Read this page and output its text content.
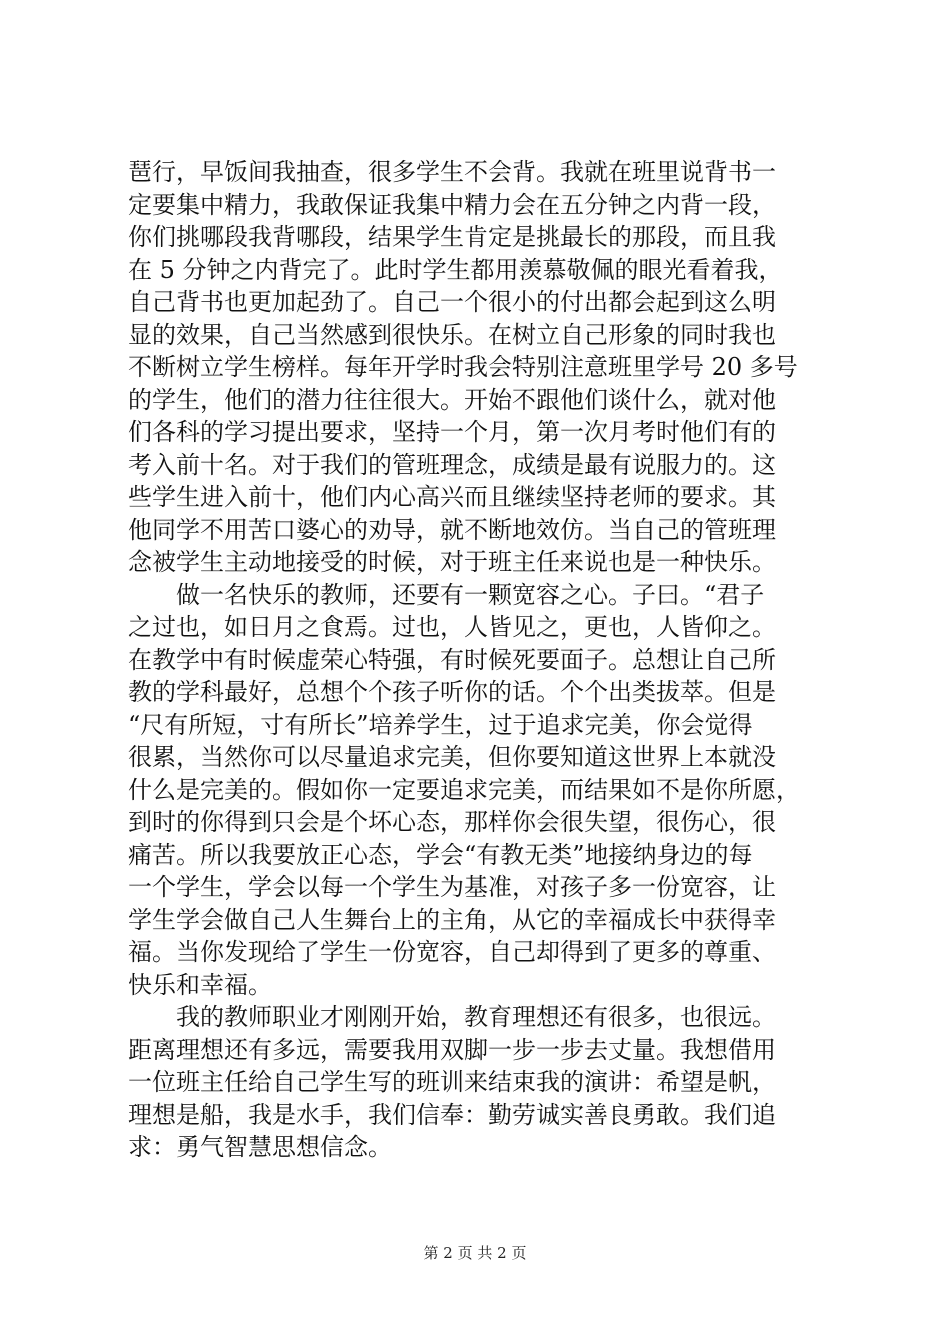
琶行，早饭间我抽查，很多学生不会背。我就在班里说背书一
定要集中精力，我敢保证我集中精力会在五分钟之内背一段，
你们挑哪段我背哪段，结果学生肯定是挑最长的那段，而且我
在 5 分钟之内背完了。此时学生都用羡慕敬佩的眼光看着我，
自己背书也更加起劲了。自己一个很小的付出都会起到这么明
显的效果，自己当然感到很快乐。在树立自己形象的同时我也
不断树立学生榜样。每年开学时我会特别注意班里学号 20 多号
的学生，他们的潜力往往很大。开始不跟他们谈什么，就对他
们各科的学习提出要求，坚持一个月，第一次月考时他们有的
考入前十名。对于我们的管班理念，成绩是最有说服力的。这
些学生进入前十，他们内心高兴而且继续坚持老师的要求。其
他同学不用苦口婆心的劝导，就不断地效仿。当自己的管班理
念被学生主动地接受的时候，对于班主任来说也是一种快乐。
　　做一名快乐的教师，还要有一颗宽容之心。子曰。“君子
之过也，如日月之食焉。过也，人皆见之，更也，人皆仰之。
在教学中有时候虚荣心特强，有时候死要面子。总想让自己所
教的学科最好，总想个个孩子听你的话。个个出类拔萃。但是
“尺有所短，寸有所长”培养学生，过于追求完美，你会觉得
很累，当然你可以尽量追求完美，但你要知道这世界上本就没
什么是完美的。假如你一定要追求完美，而结果如不是你所愿，
到时的你得到只会是个坏心态，那样你会很失望，很伤心，很
痛苦。所以我要放正心态，学会“有教无类”地接纳身边的每
一个学生，学会以每一个学生为基准，对孩子多一份宽容，让
学生学会做自己人生舞台上的主角，从它的幸福成长中获得幸
福。当你发现给了学生一份宽容，自己却得到了更多的尊重、
快乐和幸福。
　　我的教师职业才刚刚开始，教育理想还有很多，也很远。
距离理想还有多远，需要我用双脚一步一步去丈量。我想借用
一位班主任给自己学生写的班训来结束我的演讲：希望是帆，
理想是船，我是水手，我们信奉：勤劳诚实善良勇敢。我们追
求：勇气智慧思想信念。
第 2 页 共 2 页
